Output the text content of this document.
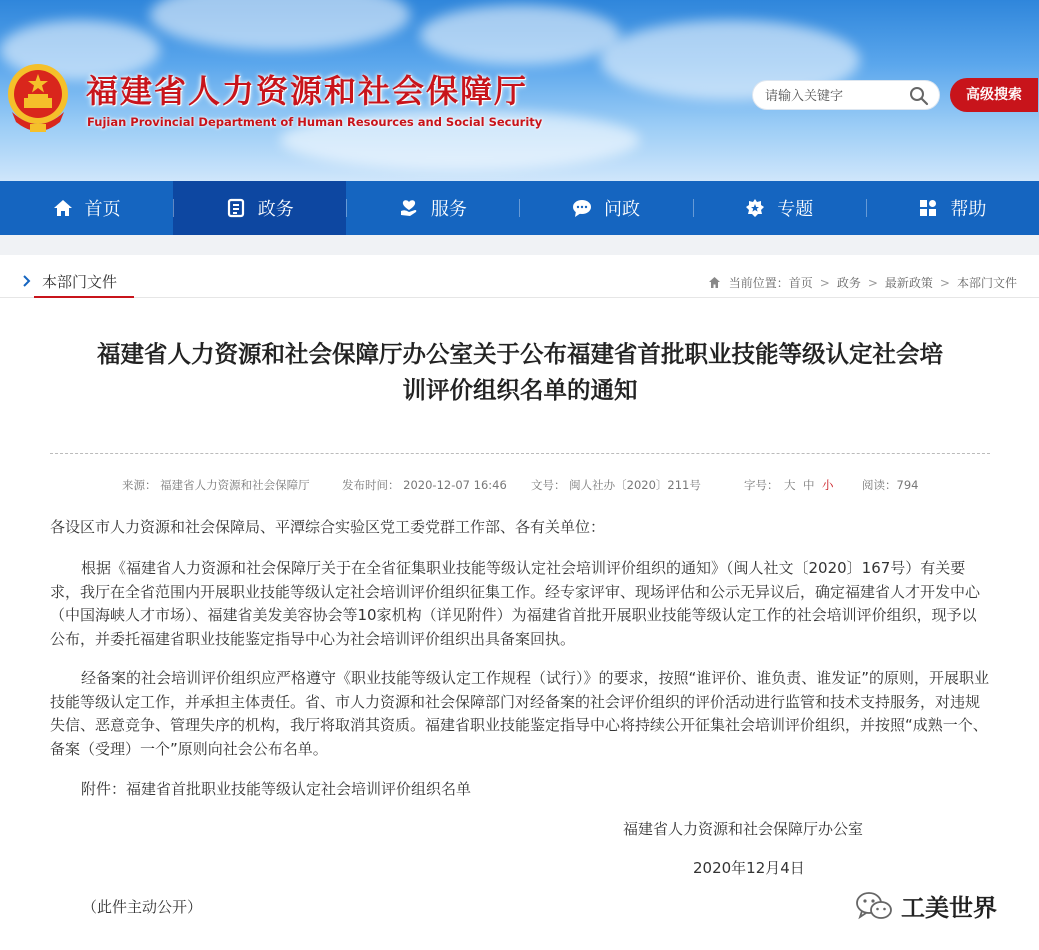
福建省人力资源和社会保障厅
Fujian Provincial Department of Human Resources and Social Security
请输入关键字
高级搜索
首页	政务	服务	问政	专题	帮助
本部门文件	当前位置： 首页 > 政务 > 最新政策 > 本部门文件
福建省人力资源和社会保障厅办公室关于公布福建省首批职业技能等级认定社会培
训评价组织名单的通知
来源： 福建省人力资源和社会保障厅	发布时间： 2020-12-07 16:46 文号： 闽人社办〔2020〕211号	字号： 大 中 小 阅读：794
各设区市人力资源和社会保障局、平潭综合实验区党工委党群工作部、各有关单位：
根据《福建省人力资源和社会保障厅关于在全省征集职业技能等级认定社会培训评价组织的通知》（闽人社文〔2020〕167号）有关要求，我厅在全省范围内开展职业技能等级认定社会培训评价组织征集工作。经专家评审、现场评估和公示无异议后，确定福建省人才开发中心（中国海峡人才市场）、福建省美发美容协会等10家机构（详见附件）为福建省首批开展职业技能等级认定工作的社会培训评价组织，现予以公布，并委托福建省职业技能鉴定指导中心为社会培训评价组织出具备案回执。
经备案的社会培训评价组织应严格遵守《职业技能等级认定工作规程（试行）》的要求，按照“谁评价、谁负责、谁发证”的原则，开展职业技能等级认定工作，并承担主体责任。省、市人力资源和社会保障部门对经备案的社会评价组织的评价活动进行监管和技术支持服务，对违规失信、恶意竞争、管理失序的机构，我厅将取消其资质。福建省职业技能鉴定指导中心将持续公开征集社会培训评价组织，并按照“成熟一个、备案（受理）一个”原则向社会公布名单。
附件：福建省首批职业技能等级认定社会培训评价组织名单
福建省人力资源和社会保障厅办公室
2020年12月4日
（此件主动公开）	工美世界
